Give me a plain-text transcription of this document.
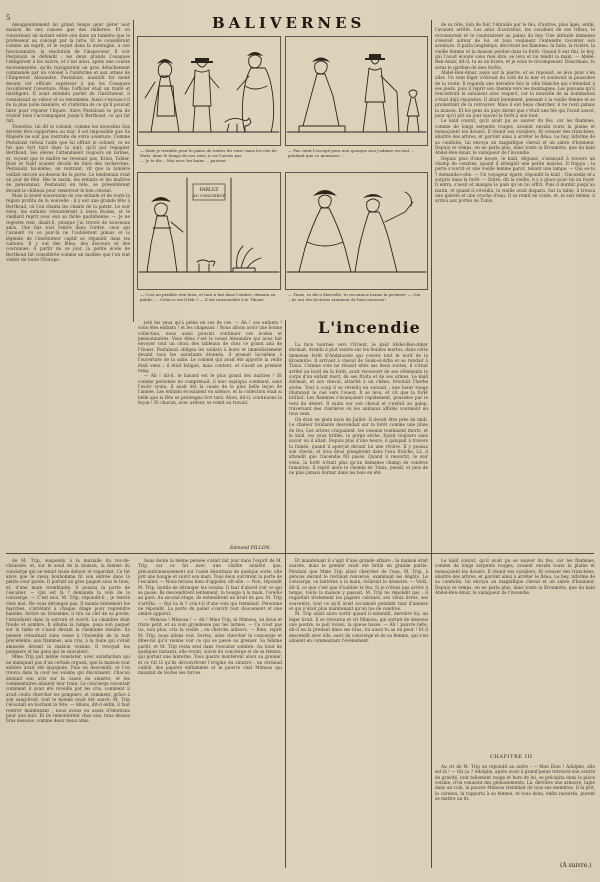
5

désappointement lui grand temps pour gérer leur maison de nos caisses que des railleries. Et on concernant un instant entre son dans un lumière que le professeur au concept par la lutte. Et le considérant comme un esprit, et le voyait dans la montagne, à son fonctionnaire, la résolution de l'inspecteur. Il voir Pestalozzi le défendit ; les deux grands Cosaques l'obligèrent à les suivre, et c'est ainsi, après une course mouvementée, qu'ils rejoignirent un gros détachement commandé par un colonel à l'uniforme et aux armes de l'Empereur Alexandre. Pestalozzi, aussitôt fut mené devant cet officier supérieur à qui les Cosaques racontèrent l'aventure. Mais l'officier était un traité et intelligent. Il avait entendu parler de l'instituteur, il connaissait sa valeur et sa renommée. Aussi s'excusa-t-il de la plus polie manière, et s'informa de ce qu'il pouvait faire pour réparer l'injure. Alors Pestalozzi le pria de vouloir bien l'accompagner jusqu'à Berthoud, ce qui fut fait.

Toutefois, lui dit le colonel, comme les nouvelles fois doivent être rapportées au tsar, il est impossible que Sa Majesté ne soit pas instruite de votre aventure. Comme Pestalozzi refusa l'aide que lui offrait le colonel, ce ne fut que fort tard dans la nuit, qu'il put regagner Berthoud. Ses élèves l'attendaient toujours en larmes, et, voyant que le maître ne revenait pas, Krüsi, Tobler, Buss et Naëf avaient décidé de faire des recherches. Pestalozzi lui-même, en rentrant, vit que la lumière veillait encore au-dessus de la porte. Le lendemain était un jour de fête. Dès le matin, les enfants et les maîtres de pensionnat, Pestalozzi en tête, se présentèrent devant le château pour remercier le bon colonel.

Mais la bonté souveraine de ces enfants et de toute la région profita de la nouvelle : il y eut une grande fête à Berthoud, où l'on chanta les chants de la patrie. Le soir venu, les enfants retournèrent à leurs études, et le vieillard reprit avec eux sa tâche quotidienne. — Je ne regrette rien, disait-il, puisque j'ai trouvé de nouveaux amis. Une fois tout rentré dans l'ordre, ceux qui l'avaient vu ce jour-là ne l'oublièrent jamais et la légende de l'instituteur captif se répandit dans les cantons. Il y eut des fêtes, des discours et des couronnes. À partir de ce jour, la petite école de Berthoud fut considérée comme un modèle que l'on vint visiter de toute l'Europe.

BALIVERNES

— Mais je tremble pour le piano de toutes les rues! mais les cris de Paris, dans le temps de nos rues, je ne l'avons pas.

— Je te dis... Moi avec les bains ... partout.

— Pas venir l'occupé pour moi quoique moi j'admire en tout ... pendant que ce monsieur ...

PARLEZ
AU CONCIERGE

— Cest un pénible rien bien, et tant à fait dans l'ombre, demain en public, ... Celui-ci est-il fait ? — Il est raisonnable à la Tihoné.

— Tiens, tu dis a Marcelle, tu reconnois bonne la premier! — Oui ...ils ont des lectures vraiment de bien nouveau!

jeté les yeux qu'à peine en ces de ces. — Ah ! ces enfants ! vous êtes enfants ! et les chapeaux ! Nous allons avoir une bonne collection, nous aussi pouvait continuer ces écoles et pensionnaires. Vous dites c'est le nouel Alexandre qui nous fait envoyer tout un choix des tableaux de chez ce grand ami de l'Ouest. Pestalozzi obligea les soldats à boire et immédiatement devant tous les assistants étonnés, il prenait lui-même à l'ouverture de la salle. Le colonel qui avait été apporté la veille était venu ; il était fatigué, mais content, et s'assit au premier rang.

— Ah ! dit-il, le hasard est le plus grand des maîtres ! Et comme personne ne comprenait, il leur expliqua comment, sans l'avoir voulu, il avait été la cause de la plus belle leçon de l'année. Les enfants écoutaient en silence, et la collection était si belle que la fête se prolongea fort tard. Alors, dit-il, continuons la leçon ! Et chacun, avec ardeur, se remit au travail.

Edmond PILLON.
L'incendie

La face tournée vers l'Orient, le kaïd Abdel-Ben-Amar dormait, étendu à plat ventre sur les feuilles mortes, dans cette immense forêt d'Andalousie qui couvre tout le nord de la Kroumirie. Il arrivait à cheval de Souk-el-Arba et se rendait à Tunis. Comme voie ne réussit elles ses deux routes, il s'était arrêté au bord de la forêt, avait recouvert de ses vêtements le corps d'un enfant mort, de ses fruits et de ses armes. Le kaïd dormait, et son cheval, attaché à un chêne, broutait l'herbe sèche. Tout à coup il se réveilla en sursaut ; une lueur rouge illuminait le ciel vers l'ouest. Il se leva, et vit que la forêt brûlait. Les flammes s'avançaient rapidement, poussées par le vent du désert. Il sauta sur son cheval et s'enfuit au galop, traversant des clairières où les animaux affolés couraient en tous sens.

On était en plein mois de Juillet. Il devait être près de midi. Le chaleur fondante descendait sur la forêt comme une pluie de feu. Les arbres craquaient, les oiseaux tombaient morts, et le kaïd, les yeux brûlés, la gorge sèche, fuyait toujours sans savoir où il allait. Depuis plus d'une heure, il galopait à travers la fumée, quand il aperçut devant lui une rivière. Il y poussa son cheval, et tous deux plongèrent dans l'eau fraîche. Là, il attendit que l'incendie fût passé. Quand il ressortit, le soir venu, la forêt n'était plus qu'un immense champ de cendres fumantes. Il reprit alors le chemin de Tunis, pensif, et jura de ne plus jamais dormir dans les bois en été.

de sa tête, loin de fuir, l'ébranlé par le feu, d'autres, plus âgés, enfin, l'avaient arrêté. Les amis d'autrefois, les cavaliers de ses tribus, le reconnurent et le conduisirent au palais du bey. Une altitude immense s'élevait autour de lui, et tous voulaient l'entendre raconter son aventure. Il parla longtemps, décrivant les flammes, la fuite, la rivière, la vieille femme et la maison perdue dans la forêt. Quand il eut fini, le bey, qui l'avait écouté sans rien dire, se leva et lui tendit la main. — Abdel-Ben-Amar, dit-il, tu es un brave, et je veux te récompenser. Désormais, tu seras le gardien de mes forêts.

Abdel-Ben-Amar, assis sur la pierre, et se reposait, se leva pour s'en aller. Un vent léger s'élevait du côté de la mer et soulevait la poussière de la route. Il regarda une dernière fois la ville blanche qui s'étendait à ses pieds, puis il reprit son chemin vers les montagnes. Les paysans qu'il rencontrait le saluaient avec respect, car la nouvelle de sa nomination s'était déjà répandue. Il allait lentement, pensant à la vieille femme et se promettant de la retrouver. Mais il eut beau chercher, il ne revit jamais la maison. Et les gens du pays dirent que c'était une fée qui l'avait sauvé, pour qu'il pût un jour sauver la forêt à son tour.

Le kaïd courut, qu'il avait pu se sauver du feu, car les flammes, comme de longs serpents rouges, avaient envahi toute la plaine et menaçaient les douars. Il réunit ses cavaliers, fit creuser des tranchées, abattre des arbres, et parvint ainsi à arrêter le fléau. Le bey, informé de sa conduite, lui envoya un magnifique cheval et un sabre d'honneur. Depuis ce temps, on ne parla plus, dans toute la Kroumirie, que du kaïd Abdel-Ben-Amar, le vainqueur de l'incendie.

Depuis plus d'une heure, le kaïd, déguisé, s'avançait à travers un champ de cendres, quand il atteignit une petite maison. Il frappa ; la porte s'ouvrit et une vieille femme parut, tenant une lampe. — Qui es-tu ? demanda-t-elle. — Un voyageur égaré, répondit le kaïd ; l'incendie m'a surpris dans la forêt. — Entre, dit la vieille, il y a place pour toi au foyer. Il entra, s'assit et mangea le pain qu'on lui offrit. Puis il dormit jusqu'au matin, et quand il s'éveilla, la vieille avait disparu. Sur la table, il trouva une galette et une cruche d'eau. Il se remit en route, et, le soir même, il arriva aux portes de Tunis.

de M. Trip, suspendu à la muraille du rez-de-chaussée, et, sur le seuil de la maison, la femme du concierge qui se tenait toute debout et regardait. Ce fut alors que le vieux bonhomme fit son entrée dans la petite cour pavée. Il portait un gros paquet sous le bras, et, d'une main tremblante, il poussa la porte de l'escalier. — Qui est là ? demanda la voix de la concierge. — C'est moi, M. Trip, répondit-il ; je rentre chez moi. Ne vous dérangez pas. Il monta lentement les marches, s'arrêtant à chaque étage pour reprendre haleine. Arrivé au troisième, il tira sa clef de sa poche, l'introduisit dans la serrure et ouvrit. La chambre était froide et sombre. Il alluma la lampe, posa son paquet sur la table et s'assit devant la cheminée éteinte. Sa pensée retournait sans cesse à l'incendie de la nuit précédente, aux flammes, aux cris, à la foule qui s'était amassée devant la maison voisine. Il revoyait les pompiers et les gens qui se sauvaient.

Mme Trip put même constater, avec satisfaction qui ne manquait pas d'un certain orgueil, que la maison tout entière avait été épargnée. Puis on descendit, et l'on trouva dans la cour les voisins qui discutaient. Chacun donnait son avis sur la cause du sinistre, et les commentaires allaient leur train. Le concierge racontait comment il avait été réveillé par les cris, comment il avait couru chercher les pompiers, et comment, grâce à son sang-froid, tout le monde avait été sauvé. M. Trip l'écoutait en hochant la tête. — Allons, dit-il enfin, il faut rentrer maintenant ; nous avons eu assez d'émotions pour une nuit. Et ils remontèrent chez eux, bras dessus bras dessous, comme deux vieux amis.

Sans doute la même pensée s'était fait jour dans l'esprit de M. Trip, car ce fut avec une visible anxiété que, précautionneusement sur l'asile désormais de quelque sorte, elle prit une bougie et suivit son mari. Tous deux ouvrirent la porte de l'escalier. — Nous ferions bien d'appeler, dit-elle. — Non, répondit M. Trip, inutile de déranger les voisins. Il faut d'abord voir ce qui se passe. Ils descendirent lentement, la bougie à la main, l'oreille au guet. Au second étage, ils entendirent un bruit de pas. M. Trip s'arrêta. — Qui va là ? cria-t-il d'une voix qui tremblait. Personne ne répondit. La porte du palier s'ouvrit tout doucement et une ombre apparut.

— Mimosa ! Mimosa ! — Ah ! Mme Trip, ni Mimosa, un doux et triste petit, et sa voix grondeuse par les larmes. — Ce n'est pas toi, non plus, cria la vieille ; on cherche ailleurs. — Bien, reprit M. Trip, nous allons voir. Sortez, allez chercher le concierge et dites-lui qu'il vienne voir ce qui se passe au grenier. Sa femme partit, et M. Trip resta seul dans l'escalier sombre. Au bout de quelques instants, elle revint, suivie du concierge et de sa femme, qui portait une lanterne. Tous quatre montèrent alors au grenier, et ce fut là qu'ils découvrirent l'origine du sinistre : un réchaud oublié, des papiers enflammés et le pauvre chat Mimosa qui miaulait de toutes ses forces.

Et maintenant il s'agit d'une grande affaire : la maison était sauvée, mais le grenier avait été brûlé en grande partie. Pendant que Mme Trip allait chercher de l'eau, M. Trip, à genoux devant le réchaud renversé, examinait les dégâts. Le concierge, sa lanterne à la main, éclairait le désastre. — Voilà, dit-il, ce que c'est que d'oublier le feu. Si je n'étais pas arrivé à temps, toute la maison y passait. M. Trip ne répondit pas ; il regardait tristement les papiers calcinés, ses vieux livres, ses souvenirs, tout ce qu'il avait accumulé pendant tant d'années et qui n'était plus maintenant qu'un tas de cendres.

M. Trip allait alors sortir quand il entendit, derrière lui, un léger bruit. Il se retourna et vit Mimosa, qui sortait de dessous une poutre, le poil roussi, la queue basse. — Ah ! pauvre bête, dit-il en la prenant dans ses bras, toi aussi tu as eu peur ! Et il descendit avec elle, suivi du concierge et de sa femme, qui s'en allaient en commentant l'événement.

Le kaïd courut, qu'il avait pu se sauver du feu, car les flammes, comme de longs serpents rouges, avaient envahi toute la plaine et menaçaient les douars. Il réunit ses cavaliers, fit creuser des tranchées, abattre des arbres, et parvint ainsi à arrêter le fléau. Le bey, informé de sa conduite, lui envoya un magnifique cheval et un sabre d'honneur. Depuis ce temps, on ne parla plus, dans toute la Kroumirie, que du kaïd Abdel-Ben-Amar, le vainqueur de l'incendie.

CHAPITRE III

Au cri de M. Trip on répondit au autre : — Mon Dieu ! Adolphe, elle est là ! — Où ça ? Adolphe, après avoir à grand'peine retrouvé son centre de gravité, tout tellement rouge et hors de lui, se précipita dans la pièce voisine, d'où venaient des gémissements. Là, derrière une armoire, tapie dans un coin, la pauvre Mimosa tremblait de tous ses membres. Il la prit, la caressa, la rapporta à sa femme, et tous deux, enfin rassurés, purent se mettre au lit.

(A suivre.)
